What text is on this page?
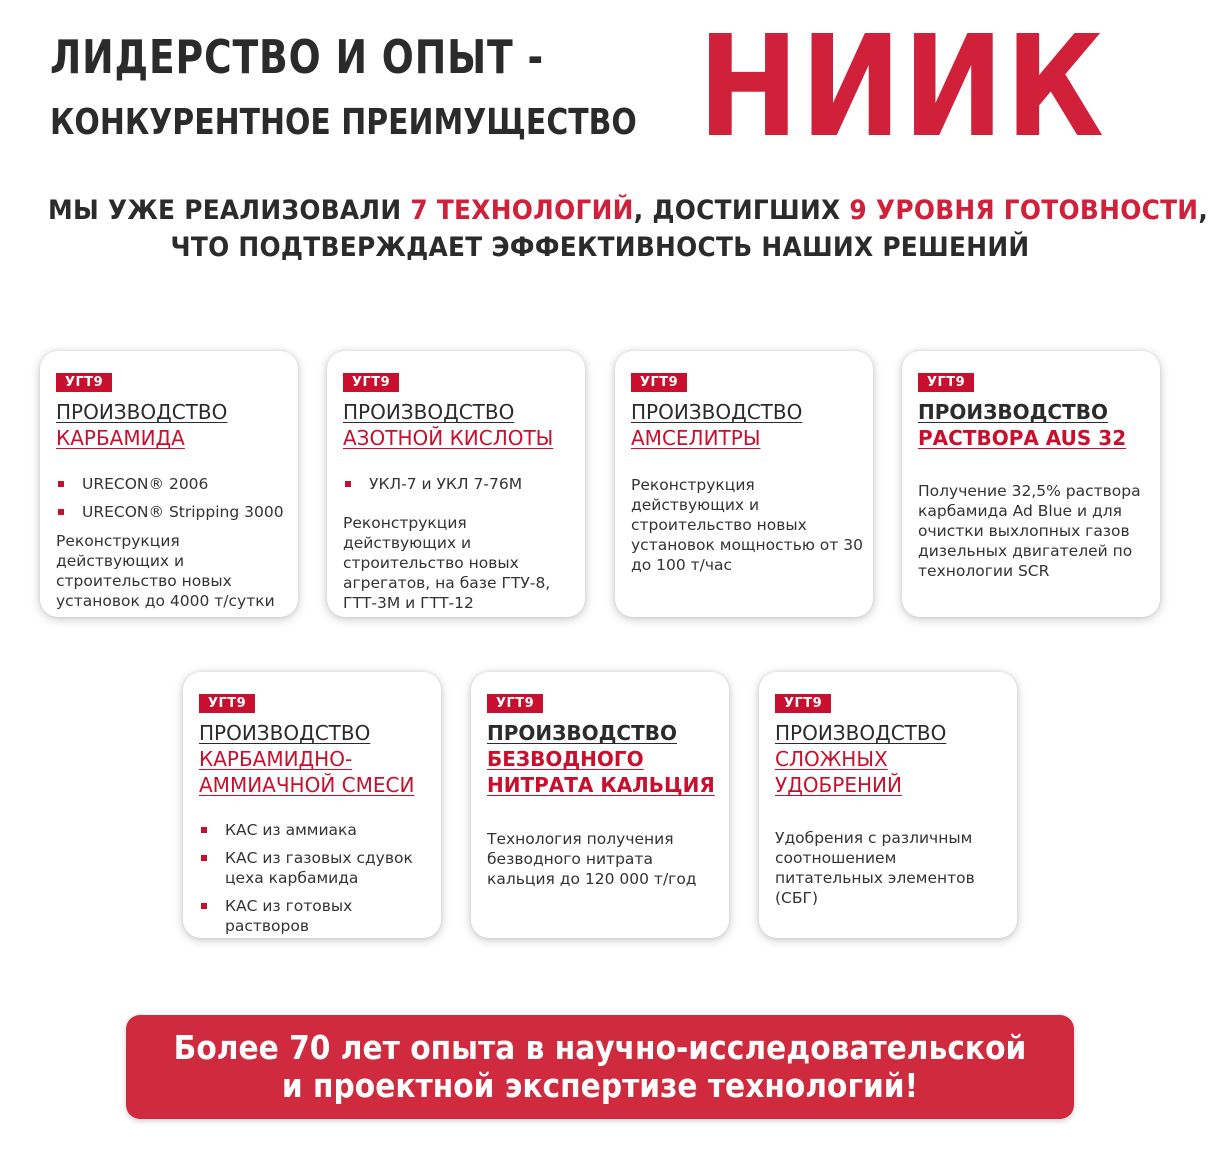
ЛИДЕРСТВО И ОПЫТ -
КОНКУРЕНТНОЕ ПРЕИМУЩЕСТВО НИИК
МЫ УЖЕ РЕАЛИЗОВАЛИ 7 ТЕХНОЛОГИЙ, ДОСТИГШИХ 9 УРОВНЯ ГОТОВНОСТИ,
ЧТО ПОДТВЕРЖДАЕТ ЭФФЕКТИВНОСТЬ НАШИХ РЕШЕНИЙ
УГТ9
ПРОИЗВОДСТВО
КАРБАМИДА
URECON® 2006
URECON® Stripping 3000
Реконструкция действующих и строительство новых установок до 4000 т/сутки
УГТ9
ПРОИЗВОДСТВО
АЗОТНОЙ КИСЛОТЫ
УКЛ-7 и УКЛ 7-76М
Реконструкция действующих и строительство новых агрегатов, на базе ГТУ-8, ГТТ-3М и ГТТ-12
УГТ9
ПРОИЗВОДСТВО
АМСЕЛИТРЫ
Реконструкция действующих и строительство новых установок мощностью от 30 до 100 т/час
УГТ9
ПРОИЗВОДСТВО
РАСТВОРА AUS 32
Получение 32,5% раствора карбамида Ad Blue и для очистки выхлопных газов дизельных двигателей по технологии SCR
УГТ9
ПРОИЗВОДСТВО
КАРБАМИДНО-
АММИАЧНОЙ СМЕСИ
КАС из аммиака
КАС из газовых сдувок цеха карбамида
КАС из готовых растворов
УГТ9
ПРОИЗВОДСТВО
БЕЗВОДНОГО
НИТРАТА КАЛЬЦИЯ
Технология получения безводного нитрата кальция до 120 000 т/год
УГТ9
ПРОИЗВОДСТВО
СЛОЖНЫХ
УДОБРЕНИЙ
Удобрения с различным соотношением питательных элементов (СБГ)
Более 70 лет опыта в научно-исследовательской
и проектной экспертизе технологий!
